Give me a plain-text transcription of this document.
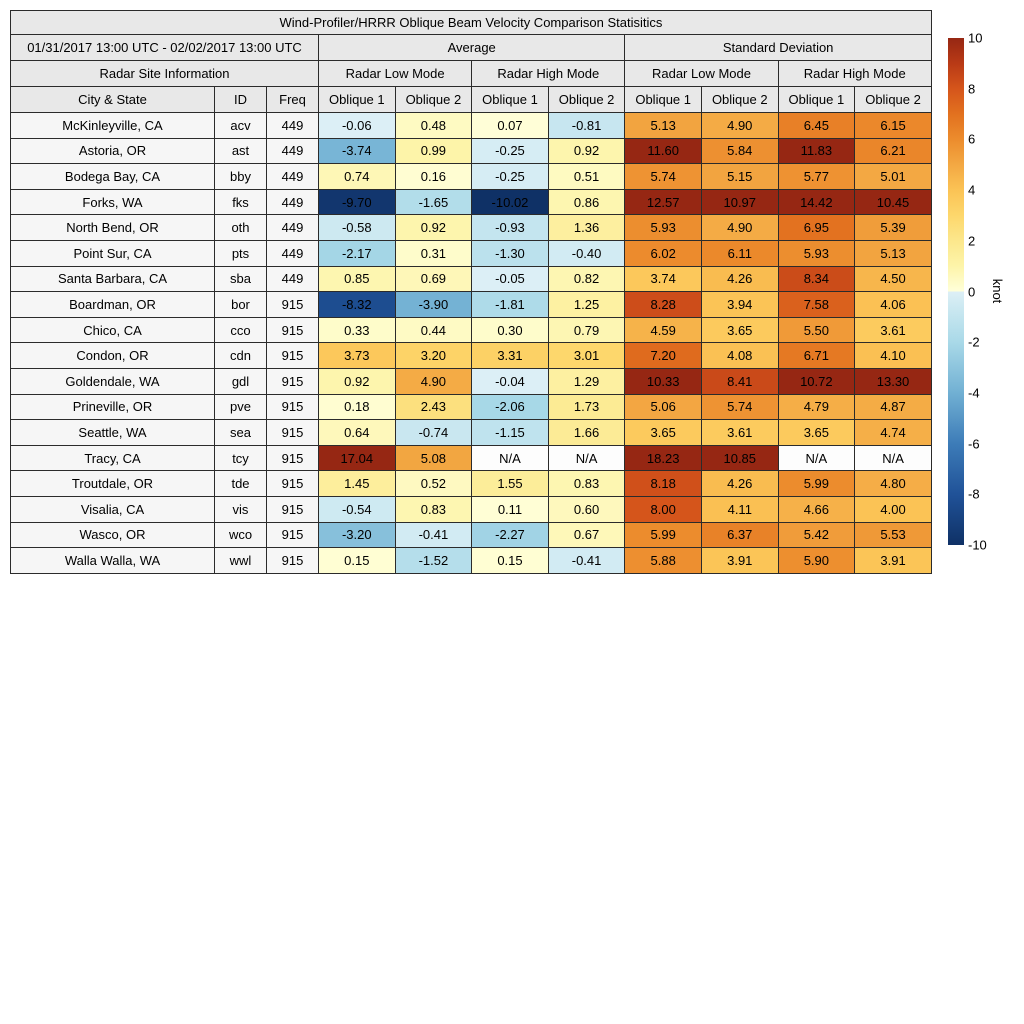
Wind-Profiler/HRRR Oblique Beam Velocity Comparison Statisitics										
01/31/2017 13:00 UTC - 02/02/2017 13:00 UTC			Average				Standard Deviation			
Radar Site Information			Radar Low Mode		Radar High Mode		Radar Low Mode		Radar High Mode	
City & State	ID	Freq	Oblique 1	Oblique 2	Oblique 1	Oblique 2	Oblique 1	Oblique 2	Oblique 1	Oblique 2
McKinleyville, CA	acv	449	-0.06	0.48	0.07	-0.81	5.13	4.90	6.45	6.15
Astoria, OR	ast	449	-3.74	0.99	-0.25	0.92	11.60	5.84	11.83	6.21
Bodega Bay, CA	bby	449	0.74	0.16	-0.25	0.51	5.74	5.15	5.77	5.01
Forks, WA	fks	449	-9.70	-1.65	-10.02	0.86	12.57	10.97	14.42	10.45
North Bend, OR	oth	449	-0.58	0.92	-0.93	1.36	5.93	4.90	6.95	5.39
Point Sur, CA	pts	449	-2.17	0.31	-1.30	-0.40	6.02	6.11	5.93	5.13
Santa Barbara, CA	sba	449	0.85	0.69	-0.05	0.82	3.74	4.26	8.34	4.50
Boardman, OR	bor	915	-8.32	-3.90	-1.81	1.25	8.28	3.94	7.58	4.06
Chico, CA	cco	915	0.33	0.44	0.30	0.79	4.59	3.65	5.50	3.61
Condon, OR	cdn	915	3.73	3.20	3.31	3.01	7.20	4.08	6.71	4.10
Goldendale, WA	gdl	915	0.92	4.90	-0.04	1.29	10.33	8.41	10.72	13.30
Prineville, OR	pve	915	0.18	2.43	-2.06	1.73	5.06	5.74	4.79	4.87
Seattle, WA	sea	915	0.64	-0.74	-1.15	1.66	3.65	3.61	3.65	4.74
Tracy, CA	tcy	915	17.04	5.08	N/A	N/A	18.23	10.85	N/A	N/A
Troutdale, OR	tde	915	1.45	0.52	1.55	0.83	8.18	4.26	5.99	4.80
Visalia, CA	vis	915	-0.54	0.83	0.11	0.60	8.00	4.11	4.66	4.00
Wasco, OR	wco	915	-3.20	-0.41	-2.27	0.67	5.99	6.37	5.42	5.53
Walla Walla, WA	wwl	915	0.15	-1.52	0.15	-0.41	5.88	3.91	5.90	3.91
10
8
6
4
2
0
-2
-4
-6
-8
-10
knot
